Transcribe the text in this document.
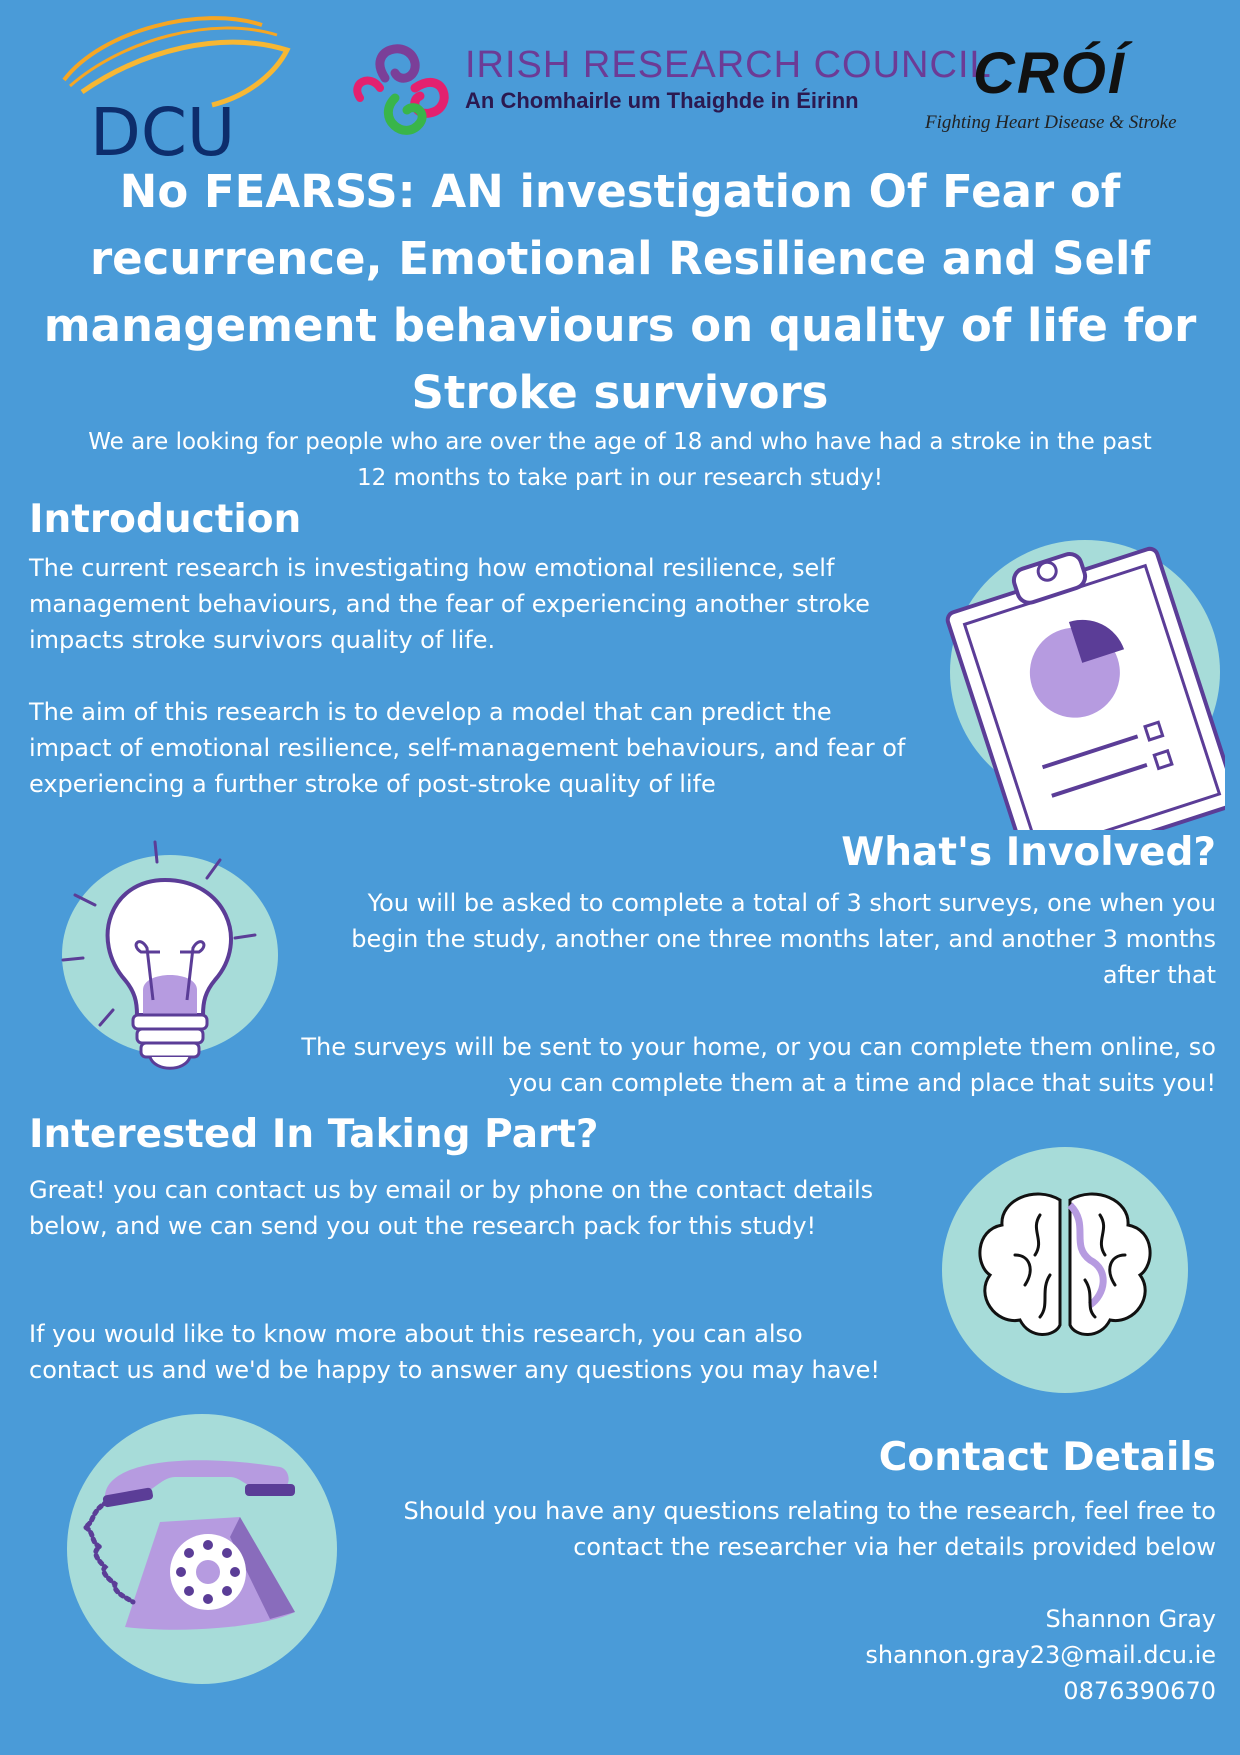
DCU
IRISH RESEARCH COUNCIL
An Chomhairle um Thaighde in Éirinn CRÓÍ
Fighting Heart Disease & Stroke
No FEARSS: AN investigation Of Fear of recurrence, Emotional Resilience and Self management behaviours on quality of life for Stroke survivors

We are looking for people who are over the age of 18 and who have had a stroke in the past 12 months to take part in our research study!

Introduction

The current research is investigating how emotional resilience, self management behaviours, and the fear of experiencing another stroke impacts stroke survivors quality of life.

The aim of this research is to develop a model that can predict the impact of emotional resilience, self-management behaviours, and fear of experiencing a further stroke of post-stroke quality of life

What's Involved?

You will be asked to complete a total of 3 short surveys, one when you begin the study, another one three months later, and another 3 months after that

The surveys will be sent to your home, or you can complete them online, so you can complete them at a time and place that suits you!

Interested In Taking Part?

Great! you can contact us by email or by phone on the contact details below, and we can send you out the research pack for this study!

If you would like to know more about this research, you can also contact us and we'd be happy to answer any questions you may have!

Contact Details

Should you have any questions relating to the research, feel free to contact the researcher via her details provided below

Shannon Gray

shannon.gray23@mail.dcu.ie

0876390670
